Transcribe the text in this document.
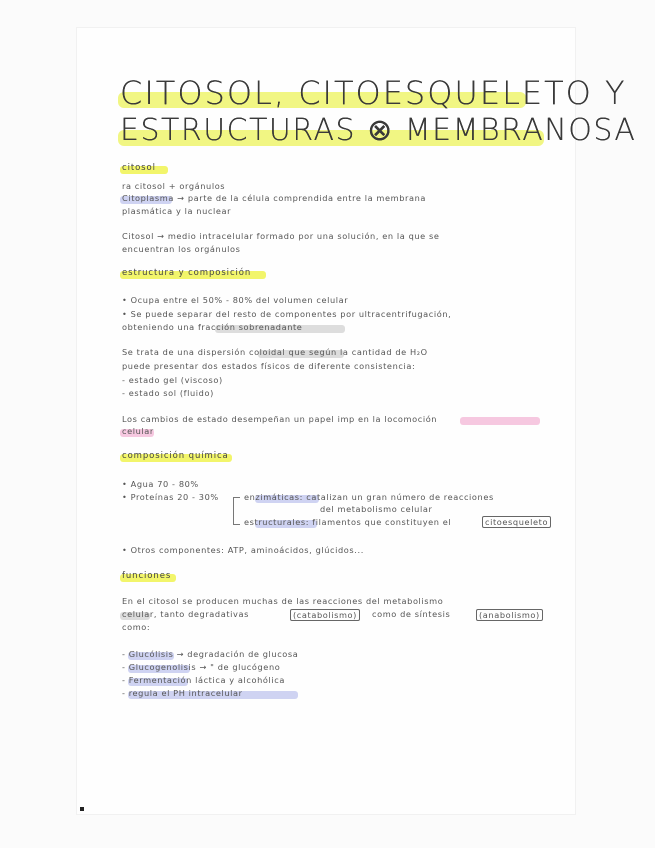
CITOSOL, CITOESQUELETO Y
ESTRUCTURAS ⊗ MEMBRANOSA
citosol
ra citosol + orgánulos
Citoplasma → parte de la célula comprendida entre la membrana
plasmática y la nuclear
Citosol → medio intracelular formado por una solución, en la que se
encuentran los orgánulos
estructura y composición
• Ocupa entre el 50% - 80% del volumen celular
• Se puede separar del resto de componentes por ultracentrifugación,
obteniendo una fracción sobrenadante
Se trata de una dispersión coloidal que según la cantidad de H₂O
puede presentar dos estados físicos de diferente consistencia:
- estado gel (viscoso)
- estado sol (fluido)
Los cambios de estado desempeñan un papel imp en la locomoción
celular
composición química
• Agua 70 - 80%
• Proteínas 20 - 30%	enzimáticas: catalizan un gran número de reacciones
del metabolismo celular
estructurales: filamentos que constituyen el	citoesqueleto
• Otros componentes: ATP, aminoácidos, glúcidos...
funciones
En el citosol se producen muchas de las reacciones del metabolismo
celular, tanto degradativas	(catabolismo)	como de síntesis	(anabolismo)
como:
- Glucólisis → degradación de glucosa
- Glucogenolisis → " de glucógeno
- Fermentación láctica y alcohólica
- regula el PH intracelular
